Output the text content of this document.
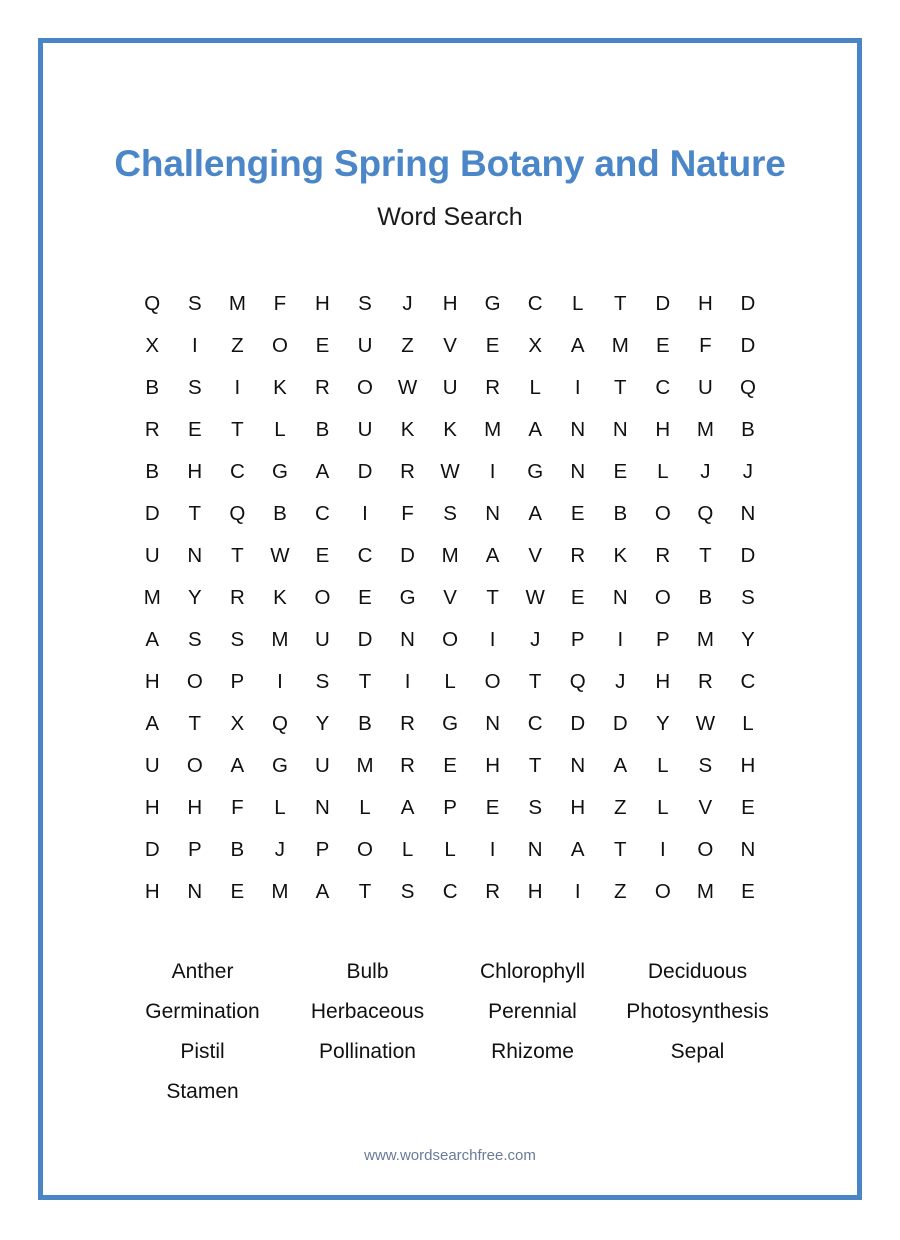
Challenging Spring Botany and Nature
Word Search
Q	S	M	F	H	S	J	H	G	C	L	T	D	H	D
X	I	Z	O	E	U	Z	V	E	X	A	M	E	F	D
B	S	I	K	R	O	W	U	R	L	I	T	C	U	Q
R	E	T	L	B	U	K	K	M	A	N	N	H	M	B
B	H	C	G	A	D	R	W	I	G	N	E	L	J	J
D	T	Q	B	C	I	F	S	N	A	E	B	O	Q	N
U	N	T	W	E	C	D	M	A	V	R	K	R	T	D
M	Y	R	K	O	E	G	V	T	W	E	N	O	B	S
A	S	S	M	U	D	N	O	I	J	P	I	P	M	Y
H	O	P	I	S	T	I	L	O	T	Q	J	H	R	C
A	T	X	Q	Y	B	R	G	N	C	D	D	Y	W	L
U	O	A	G	U	M	R	E	H	T	N	A	L	S	H
H	H	F	L	N	L	A	P	E	S	H	Z	L	V	E
D	P	B	J	P	O	L	L	I	N	A	T	I	O	N
H	N	E	M	A	T	S	C	R	H	I	Z	O	M	E
Anther	Bulb	Chlorophyll	Deciduous
Germination	Herbaceous	Perennial	Photosynthesis
Pistil	Pollination	Rhizome	Sepal
Stamen
www.wordsearchfree.com
